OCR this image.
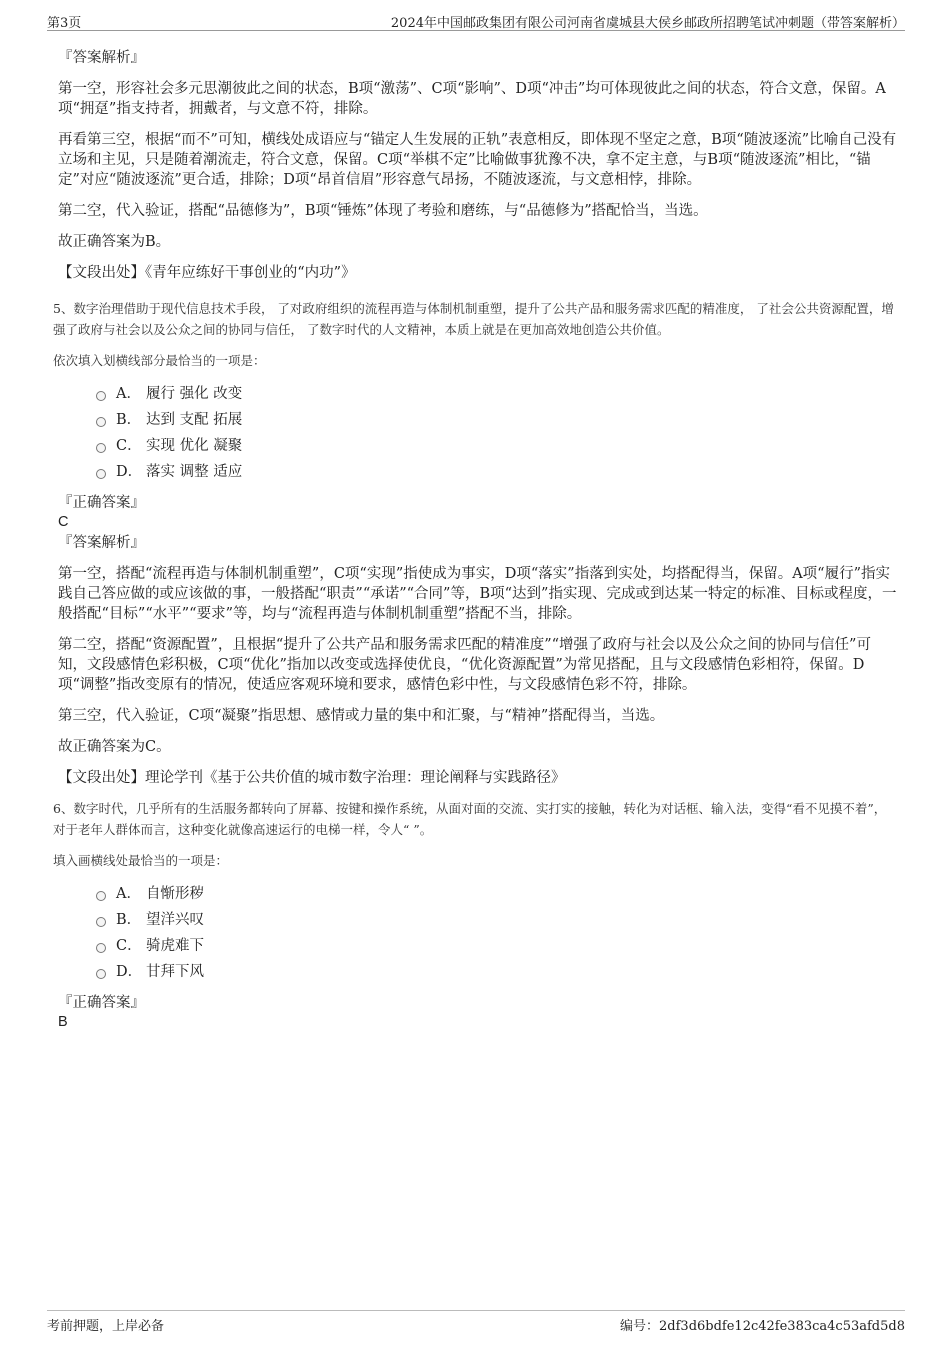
第3页	2024年中国邮政集团有限公司河南省虞城县大侯乡邮政所招聘笔试冲刺题（带答案解析）

『答案解析』

第一空，形容社会多元思潮彼此之间的状态，B项“激荡”、C项“影响”、D项“冲击”均可体现彼此之间的状态，符合文意，保留。A项“拥趸”指支持者，拥戴者，与文意不符，排除。

再看第三空，根据“而不”可知，横线处成语应与“锚定人生发展的正轨”表意相反，即体现不坚定之意，B项“随波逐流”比喻自己没有立场和主见，只是随着潮流走，符合文意，保留。C项“举棋不定”比喻做事犹豫不决，拿不定主意，与B项“随波逐流”相比，“锚定”对应“随波逐流”更合适，排除；D项“昂首信眉”形容意气昂扬，不随波逐流，与文意相悖，排除。

第二空，代入验证，搭配“品德修为”，B项“锤炼”体现了考验和磨练，与“品德修为”搭配恰当，当选。

故正确答案为B。

【文段出处】《青年应练好干事创业的“内功”》

5、数字治理借助于现代信息技术手段， 了对政府组织的流程再造与体制机制重塑，提升了公共产品和服务需求匹配的精准度， 了社会公共资源配置，增强了政府与社会以及公众之间的协同与信任， 了数字时代的人文精神，本质上就是在更加高效地创造公共价值。

依次填入划横线部分最恰当的一项是：

A． 履行 强化 改变
B． 达到 支配 拓展
C． 实现 优化 凝聚
D． 落实 调整 适应

『正确答案』

C

『答案解析』

第一空，搭配“流程再造与体制机制重塑”，C项“实现”指使成为事实，D项“落实”指落到实处，均搭配得当，保留。A项“履行”指实践自己答应做的或应该做的事，一般搭配“职责”“承诺”“合同”等，B项“达到”指实现、完成或到达某一特定的标准、目标或程度，一般搭配“目标”“水平”“要求”等，均与“流程再造与体制机制重塑”搭配不当，排除。

第二空，搭配“资源配置”，且根据“提升了公共产品和服务需求匹配的精准度”“增强了政府与社会以及公众之间的协同与信任”可知，文段感情色彩积极，C项“优化”指加以改变或选择使优良，“优化资源配置”为常见搭配，且与文段感情色彩相符，保留。D项“调整”指改变原有的情况，使适应客观环境和要求，感情色彩中性，与文段感情色彩不符，排除。

第三空，代入验证，C项“凝聚”指思想、感情或力量的集中和汇聚，与“精神”搭配得当，当选。

故正确答案为C。

【文段出处】理论学刊《基于公共价值的城市数字治理：理论阐释与实践路径》

6、数字时代，几乎所有的生活服务都转向了屏幕、按键和操作系统，从面对面的交流、实打实的接触，转化为对话框、输入法，变得“看不见摸不着”，对于老年人群体而言，这种变化就像高速运行的电梯一样，令人“ ”。

填入画横线处最恰当的一项是：

A． 自惭形秽
B． 望洋兴叹
C． 骑虎难下
D． 甘拜下风

『正确答案』

B

考前押题，上岸必备	编号：2df3d6bdfe12c42fe383ca4c53afd5d8
